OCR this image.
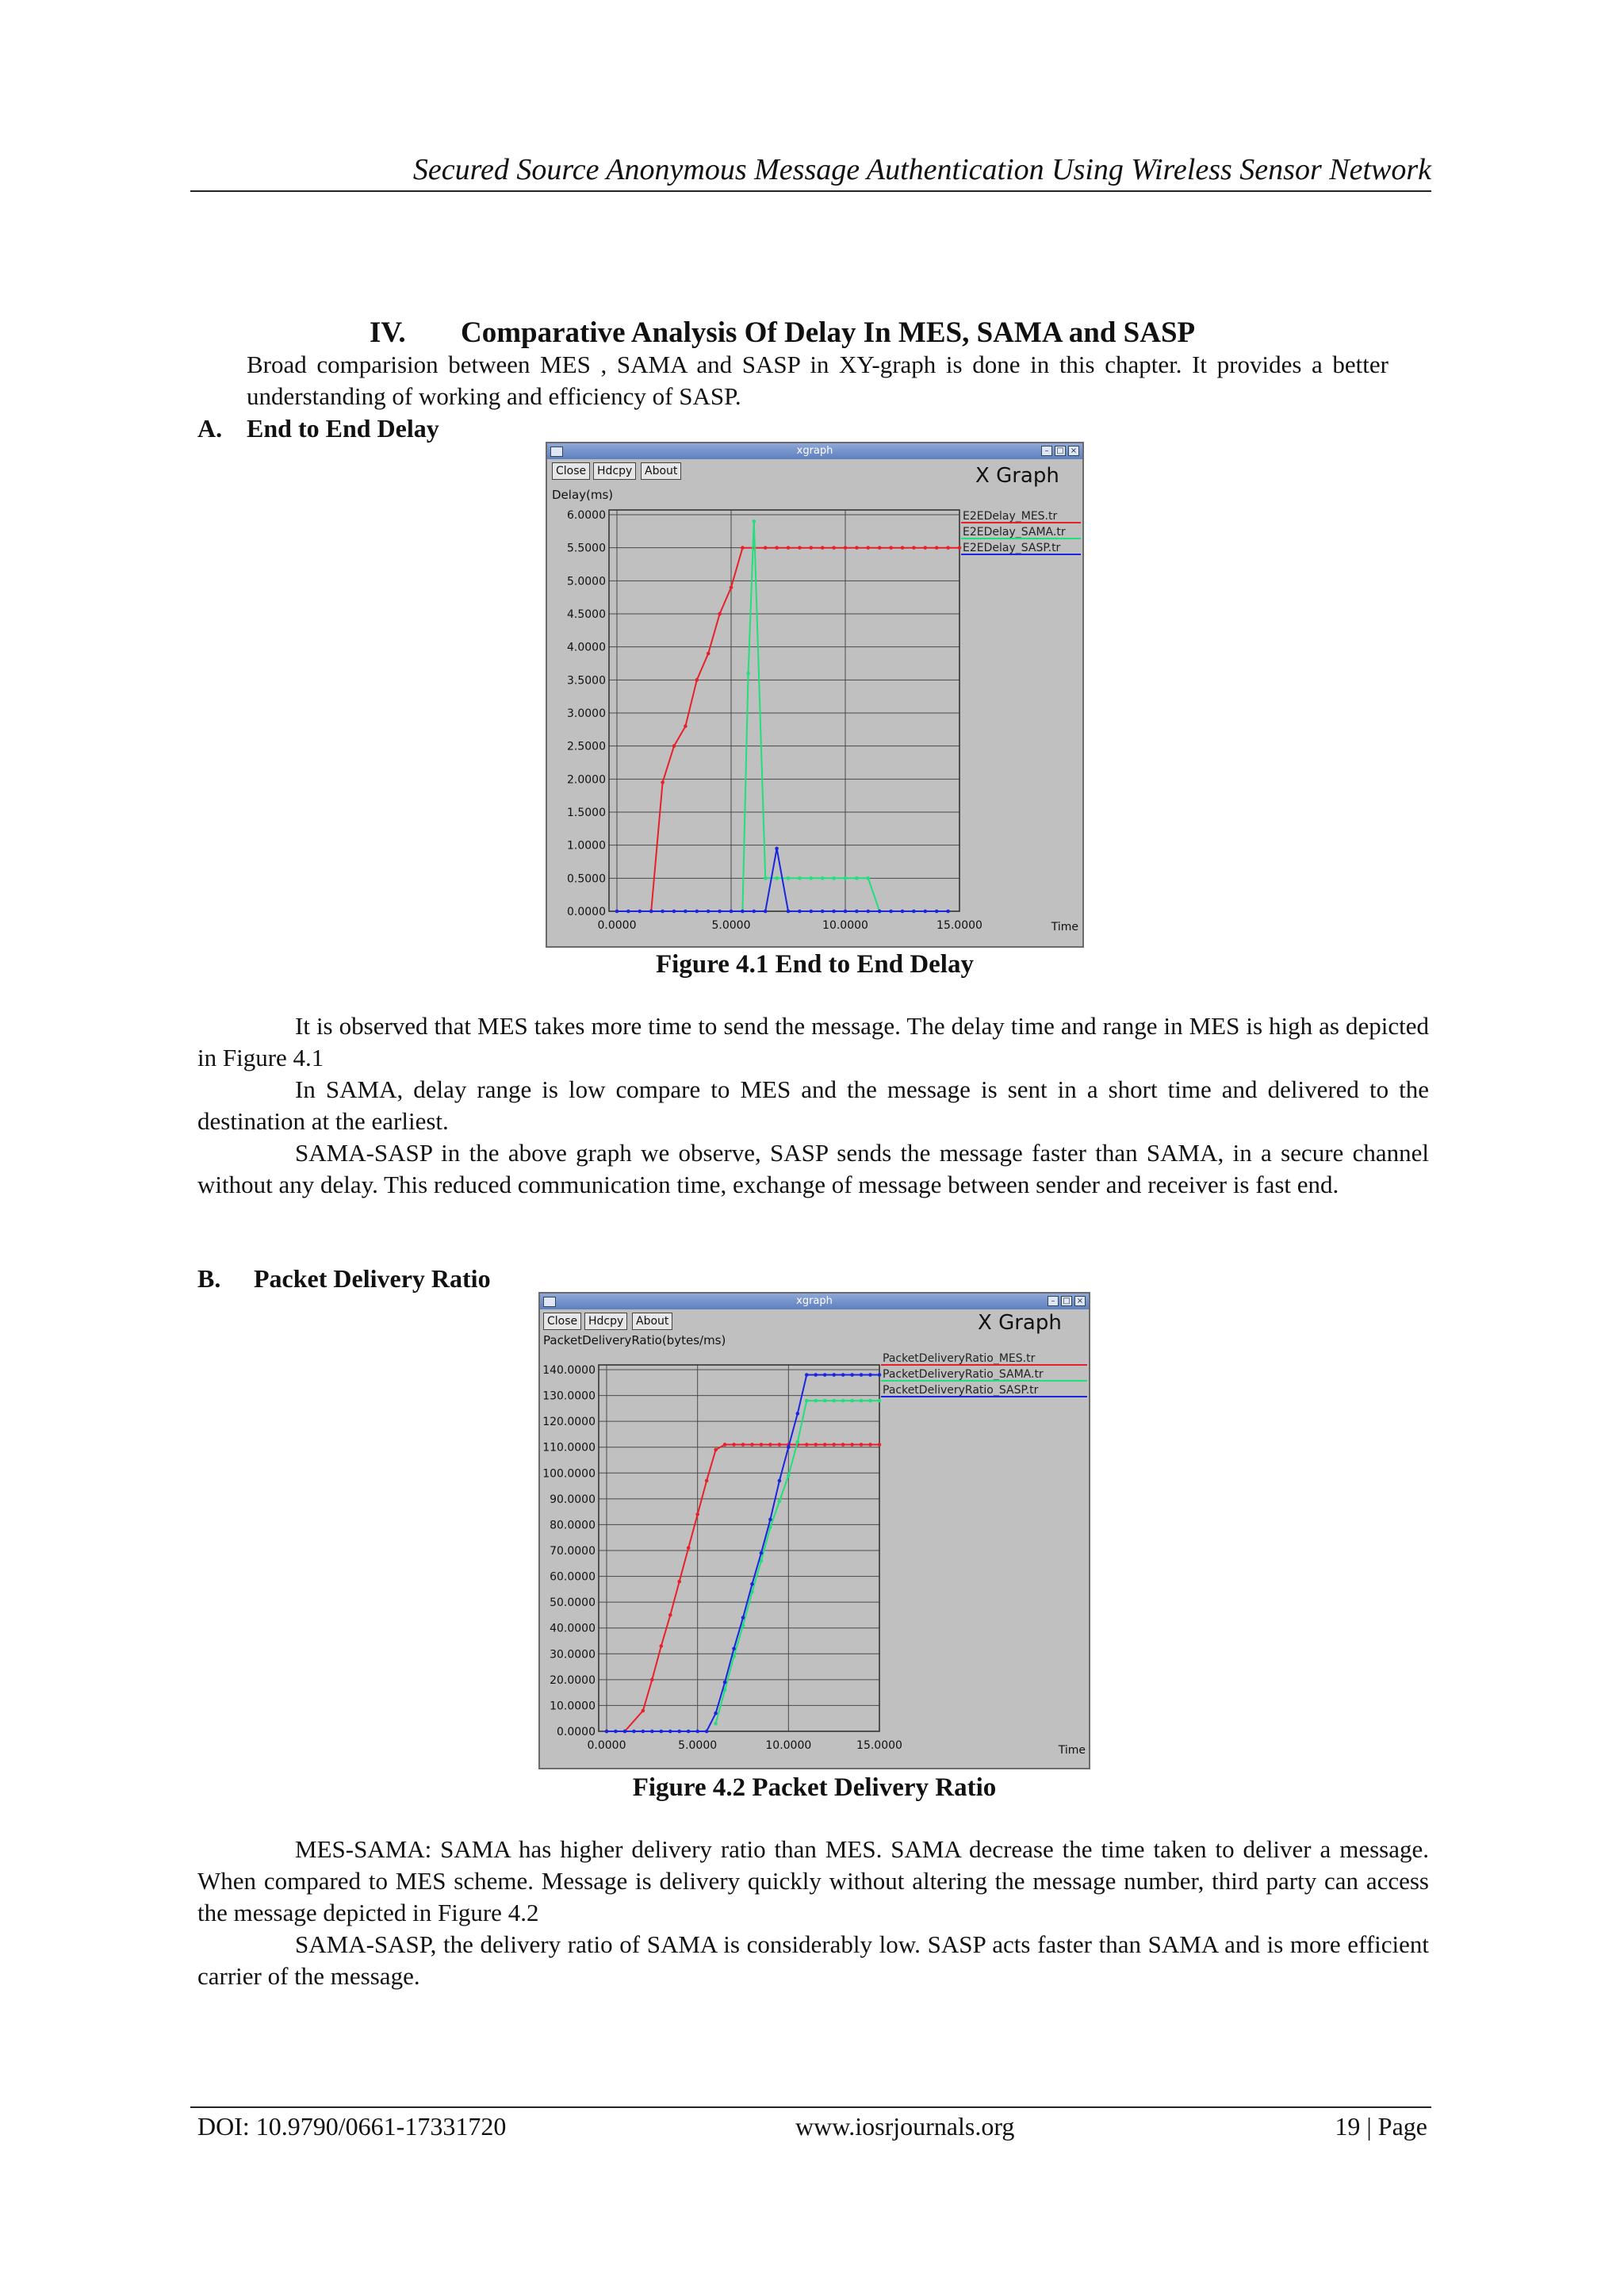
Secured Source Anonymous Message Authentication Using Wireless Sensor Network
IV. Comparative Analysis Of Delay In MES, SAMA and SASP

Broad comparision between MES , SAMA and SASP in XY-graph is done in this chapter. It provides a better understanding of working and efficiency of SASP.

A. End to End Delay
xgraph	– □ ×
Close Hdcpy	About	X Graph
Delay(ms)
0.0000	5.0000	10.0000	15.0000
0.0000
0.5000
1.0000
1.5000
2.0000
2.5000
3.0000
3.5000
4.0000
4.5000
5.0000
5.5000
6.0000
Time
E2EDelay_MES.tr
E2EDelay_SAMA.tr
E2EDelay_SASP.tr
Figure 4.1 End to End Delay

It is observed that MES takes more time to send the message. The delay time and range in MES is high as depicted in Figure 4.1

In SAMA, delay range is low compare to MES and the message is sent in a short time and delivered to the destination at the earliest.

SAMA-SASP in the above graph we observe, SASP sends the message faster than SAMA, in a secure channel without any delay. This reduced communication time, exchange of message between sender and receiver is fast end.

B. Packet Delivery Ratio
xgraph	– □ ×
Close Hdcpy	About	X Graph
PacketDeliveryRatio(bytes/ms)
0.0000	5.0000	10.0000	15.0000
0.0000
10.0000
20.0000
30.0000
40.0000
50.0000
60.0000
70.0000
80.0000
90.0000
100.0000
110.0000
120.0000
130.0000
140.0000
Time
PacketDeliveryRatio_MES.tr
PacketDeliveryRatio_SAMA.tr
PacketDeliveryRatio_SASP.tr
Figure 4.2 Packet Delivery Ratio

MES-SAMA: SAMA has higher delivery ratio than MES. SAMA decrease the time taken to deliver a message. When compared to MES scheme. Message is delivery quickly without altering the message number, third party can access the message depicted in Figure 4.2

SAMA-SASP, the delivery ratio of SAMA is considerably low. SASP acts faster than SAMA and is more efficient carrier of the message.

DOI: 10.9790/0661-17331720	www.iosrjournals.org	19 | Page
